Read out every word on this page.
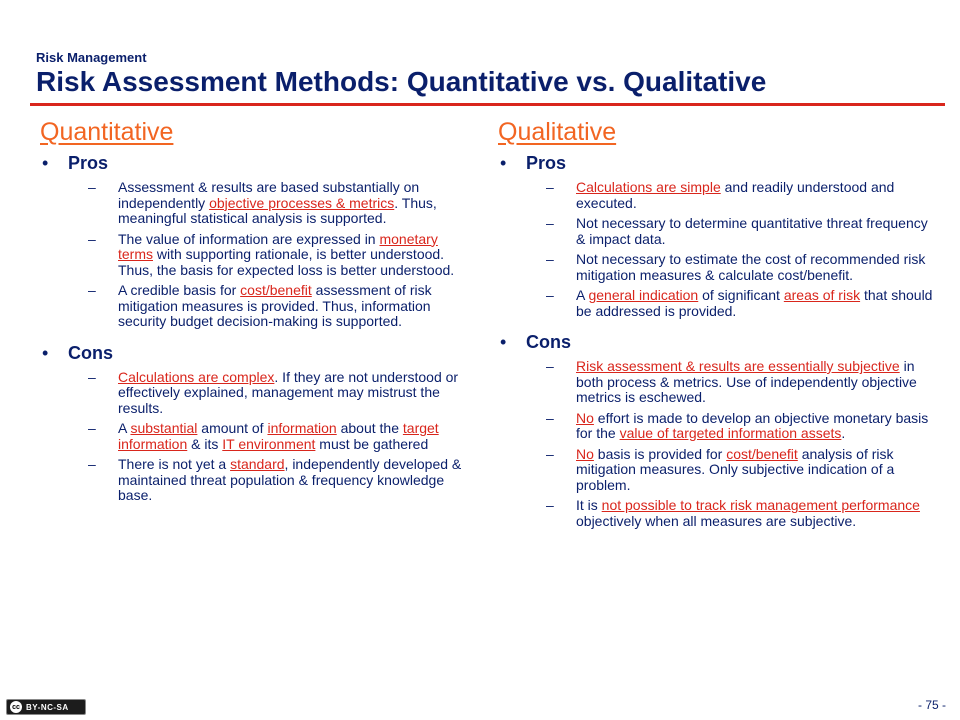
Risk Management
Risk Assessment Methods: Quantitative vs. Qualitative
Quantitative
•	Pros
–	Assessment & results are based substantially on independently objective processes & metrics. Thus, meaningful statistical analysis is supported.
–	The value of information are expressed in monetary terms with supporting rationale, is better understood. Thus, the basis for expected loss is better understood.
–	A credible basis for cost/benefit assessment of risk mitigation measures is provided. Thus, information security budget decision-making is supported.
•	Cons
–	Calculations are complex. If they are not understood or effectively explained, management may mistrust the results.
–	A substantial amount of information about the target information & its IT environment must be gathered
–	There is not yet a standard, independently developed & maintained threat population & frequency knowledge base.
Qualitative
•	Pros
–	Calculations are simple and readily understood and executed.
–	Not necessary to determine quantitative threat frequency & impact data.
–	Not necessary to estimate the cost of recommended risk mitigation measures & calculate cost/benefit.
–	A general indication of significant areas of risk that should be addressed is provided.
•	Cons
–	Risk assessment & results are essentially subjective in both process & metrics. Use of independently objective metrics is eschewed.
–	No effort is made to develop an objective monetary basis for the value of targeted information assets.
–	No basis is provided for cost/benefit analysis of risk mitigation measures. Only subjective indication of a problem.
–	It is not possible to track risk management performance objectively when all measures are subjective.
cc BY-NC-SA	- 75 -
